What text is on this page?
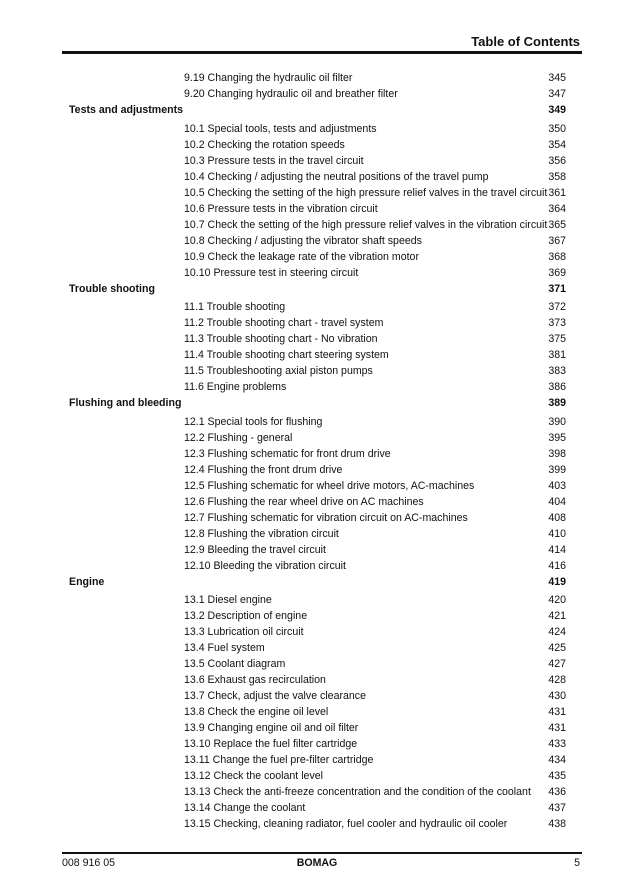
Table of Contents
9.19 Changing the hydraulic oil filter	345
9.20 Changing hydraulic oil and breather filter	347
Tests and adjustments	349
10.1 Special tools, tests and adjustments	350
10.2 Checking the rotation speeds	354
10.3 Pressure tests in the travel circuit	356
10.4 Checking / adjusting the neutral positions of the travel pump	358
10.5 Checking the setting of the high pressure relief valves in the travel circuit 361
10.6 Pressure tests in the vibration circuit	364
10.7 Check the setting of the high pressure relief valves in the vibration circuit 365
10.8 Checking / adjusting the vibrator shaft speeds	367
10.9 Check the leakage rate of the vibration motor	368
10.10 Pressure test in steering circuit	369
Trouble shooting	371
11.1 Trouble shooting	372
11.2 Trouble shooting chart - travel system	373
11.3 Trouble shooting chart - No vibration	375
11.4 Trouble shooting chart steering system	381
11.5 Troubleshooting axial piston pumps	383
11.6 Engine problems	386
Flushing and bleeding	389
12.1 Special tools for flushing	390
12.2 Flushing - general	395
12.3 Flushing schematic for front drum drive	398
12.4 Flushing the front drum drive	399
12.5 Flushing schematic for wheel drive motors, AC-machines	403
12.6 Flushing the rear wheel drive on AC machines	404
12.7 Flushing schematic for vibration circuit on AC-machines	408
12.8 Flushing the vibration circuit	410
12.9 Bleeding the travel circuit	414
12.10 Bleeding the vibration circuit	416
Engine	419
13.1 Diesel engine	420
13.2 Description of engine	421
13.3 Lubrication oil circuit	424
13.4 Fuel system	425
13.5 Coolant diagram	427
13.6 Exhaust gas recirculation	428
13.7 Check, adjust the valve clearance	430
13.8 Check the engine oil level	431
13.9 Changing engine oil and oil filter	431
13.10 Replace the fuel filter cartridge	433
13.11 Change the fuel pre-filter cartridge	434
13.12 Check the coolant level	435
13.13 Check the anti-freeze concentration and the condition of the coolant 436
13.14 Change the coolant	437
13.15 Checking, cleaning radiator, fuel cooler and hydraulic oil cooler	438
008 916 05	BOMAG	5
